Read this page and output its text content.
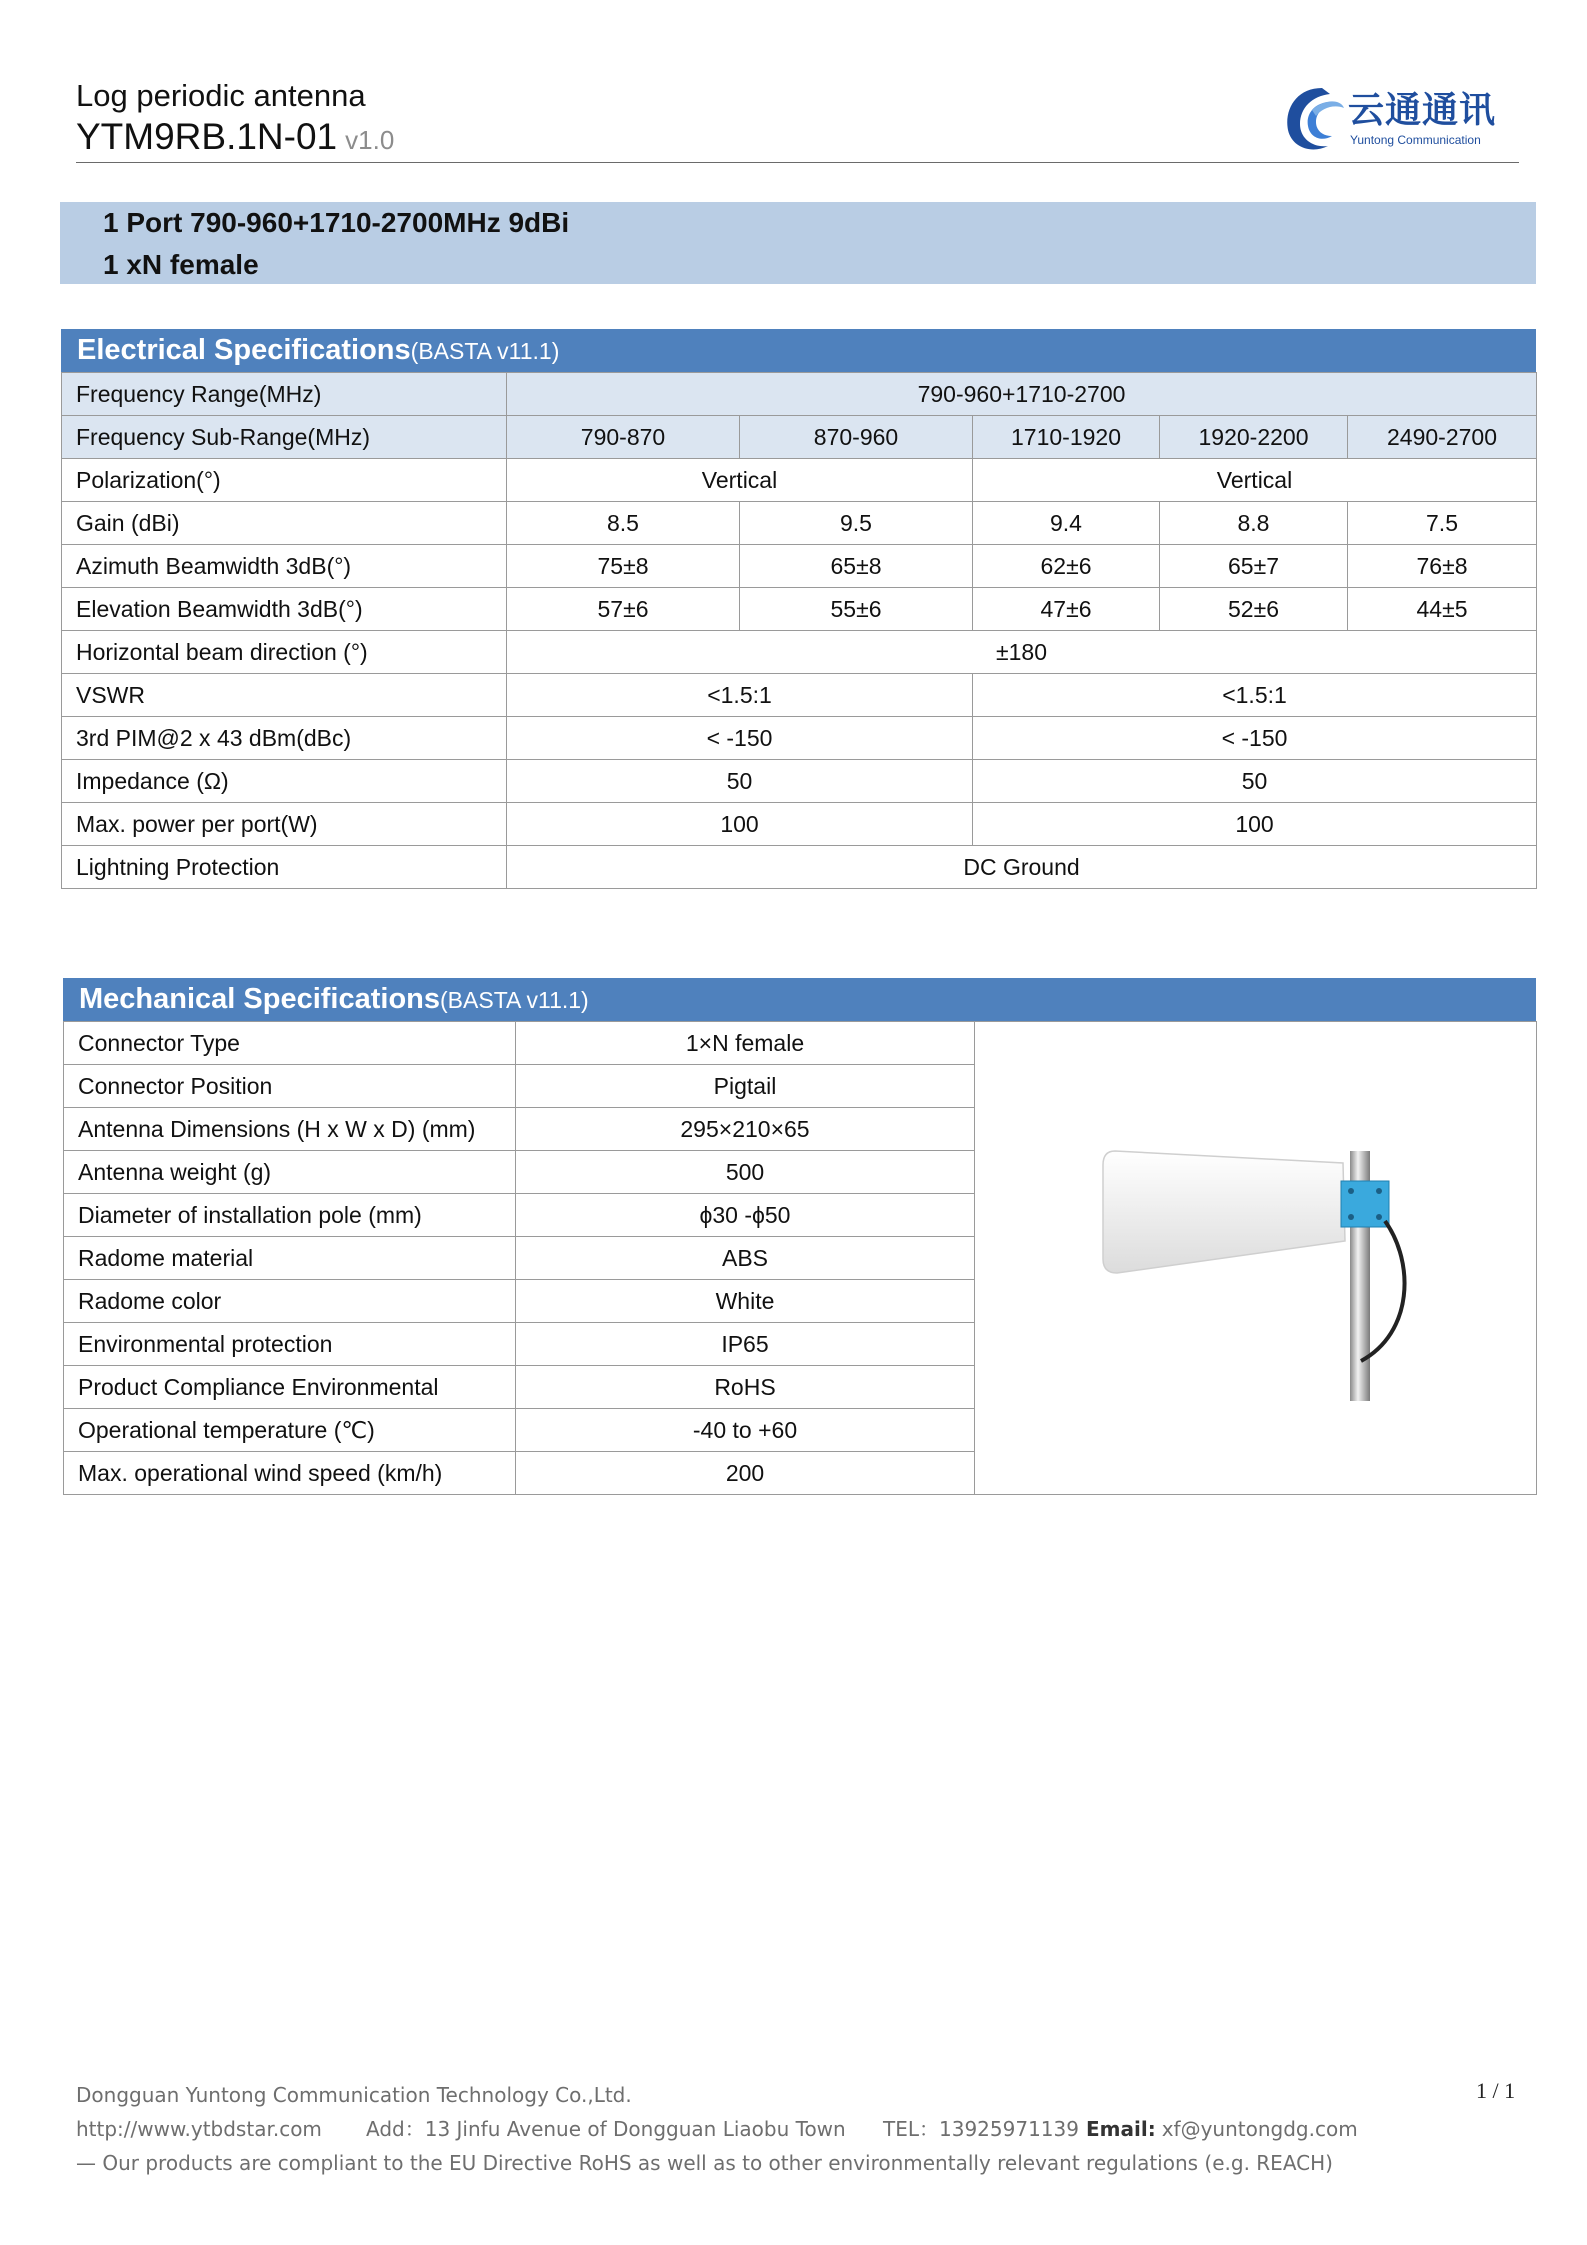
Log periodic antenna
YTM9RB.1N-01 v1.0
云通通讯
Yuntong Communication
1 Port 790-960+1710-2700MHz 9dBi
1 xN female
Electrical Specifications(BASTA v11.1)
Frequency Range(MHz)	790-960+1710-2700				
Frequency Sub-Range(MHz)	790-870	870-960	1710-1920	1920-2200	2490-2700
Polarization(°)	Vertical		Vertical		
Gain (dBi)	8.5	9.5	9.4	8.8	7.5
Azimuth Beamwidth 3dB(°)	75±8	65±8	62±6	65±7	76±8
Elevation Beamwidth 3dB(°)	57±6	55±6	47±6	52±6	44±5
Horizontal beam direction (°)	±180				
VSWR	<1.5:1		<1.5:1		
3rd PIM@2 x 43 dBm(dBc)	< -150		< -150		
Impedance (Ω)	50		50		
Max. power per port(W)	100		100		
Lightning Protection	DC Ground				
Mechanical Specifications(BASTA v11.1)
Connector Type	1×N female	

Connector Position	Pigtail	
Antenna Dimensions (H x W x D) (mm)	295×210×65	
Antenna weight (g)	500	
Diameter of installation pole (mm)	ϕ30 -ϕ50	
Radome material	ABS	
Radome color	White	
Environmental protection	IP65	
Product Compliance Environmental	RoHS	
Operational temperature (℃)	-40 to +60	
Max. operational wind speed (km/h)	200	
Dongguan Yuntong Communication Technology Co.,Ltd.
http://www.ytbdstar.com Add：13 Jinfu Avenue of Dongguan Liaobu Town TEL：13925971139 Email: xf@yuntongdg.com
— Our products are compliant to the EU Directive RoHS as well as to other environmentally relevant regulations (e.g. REACH)
1 / 1
